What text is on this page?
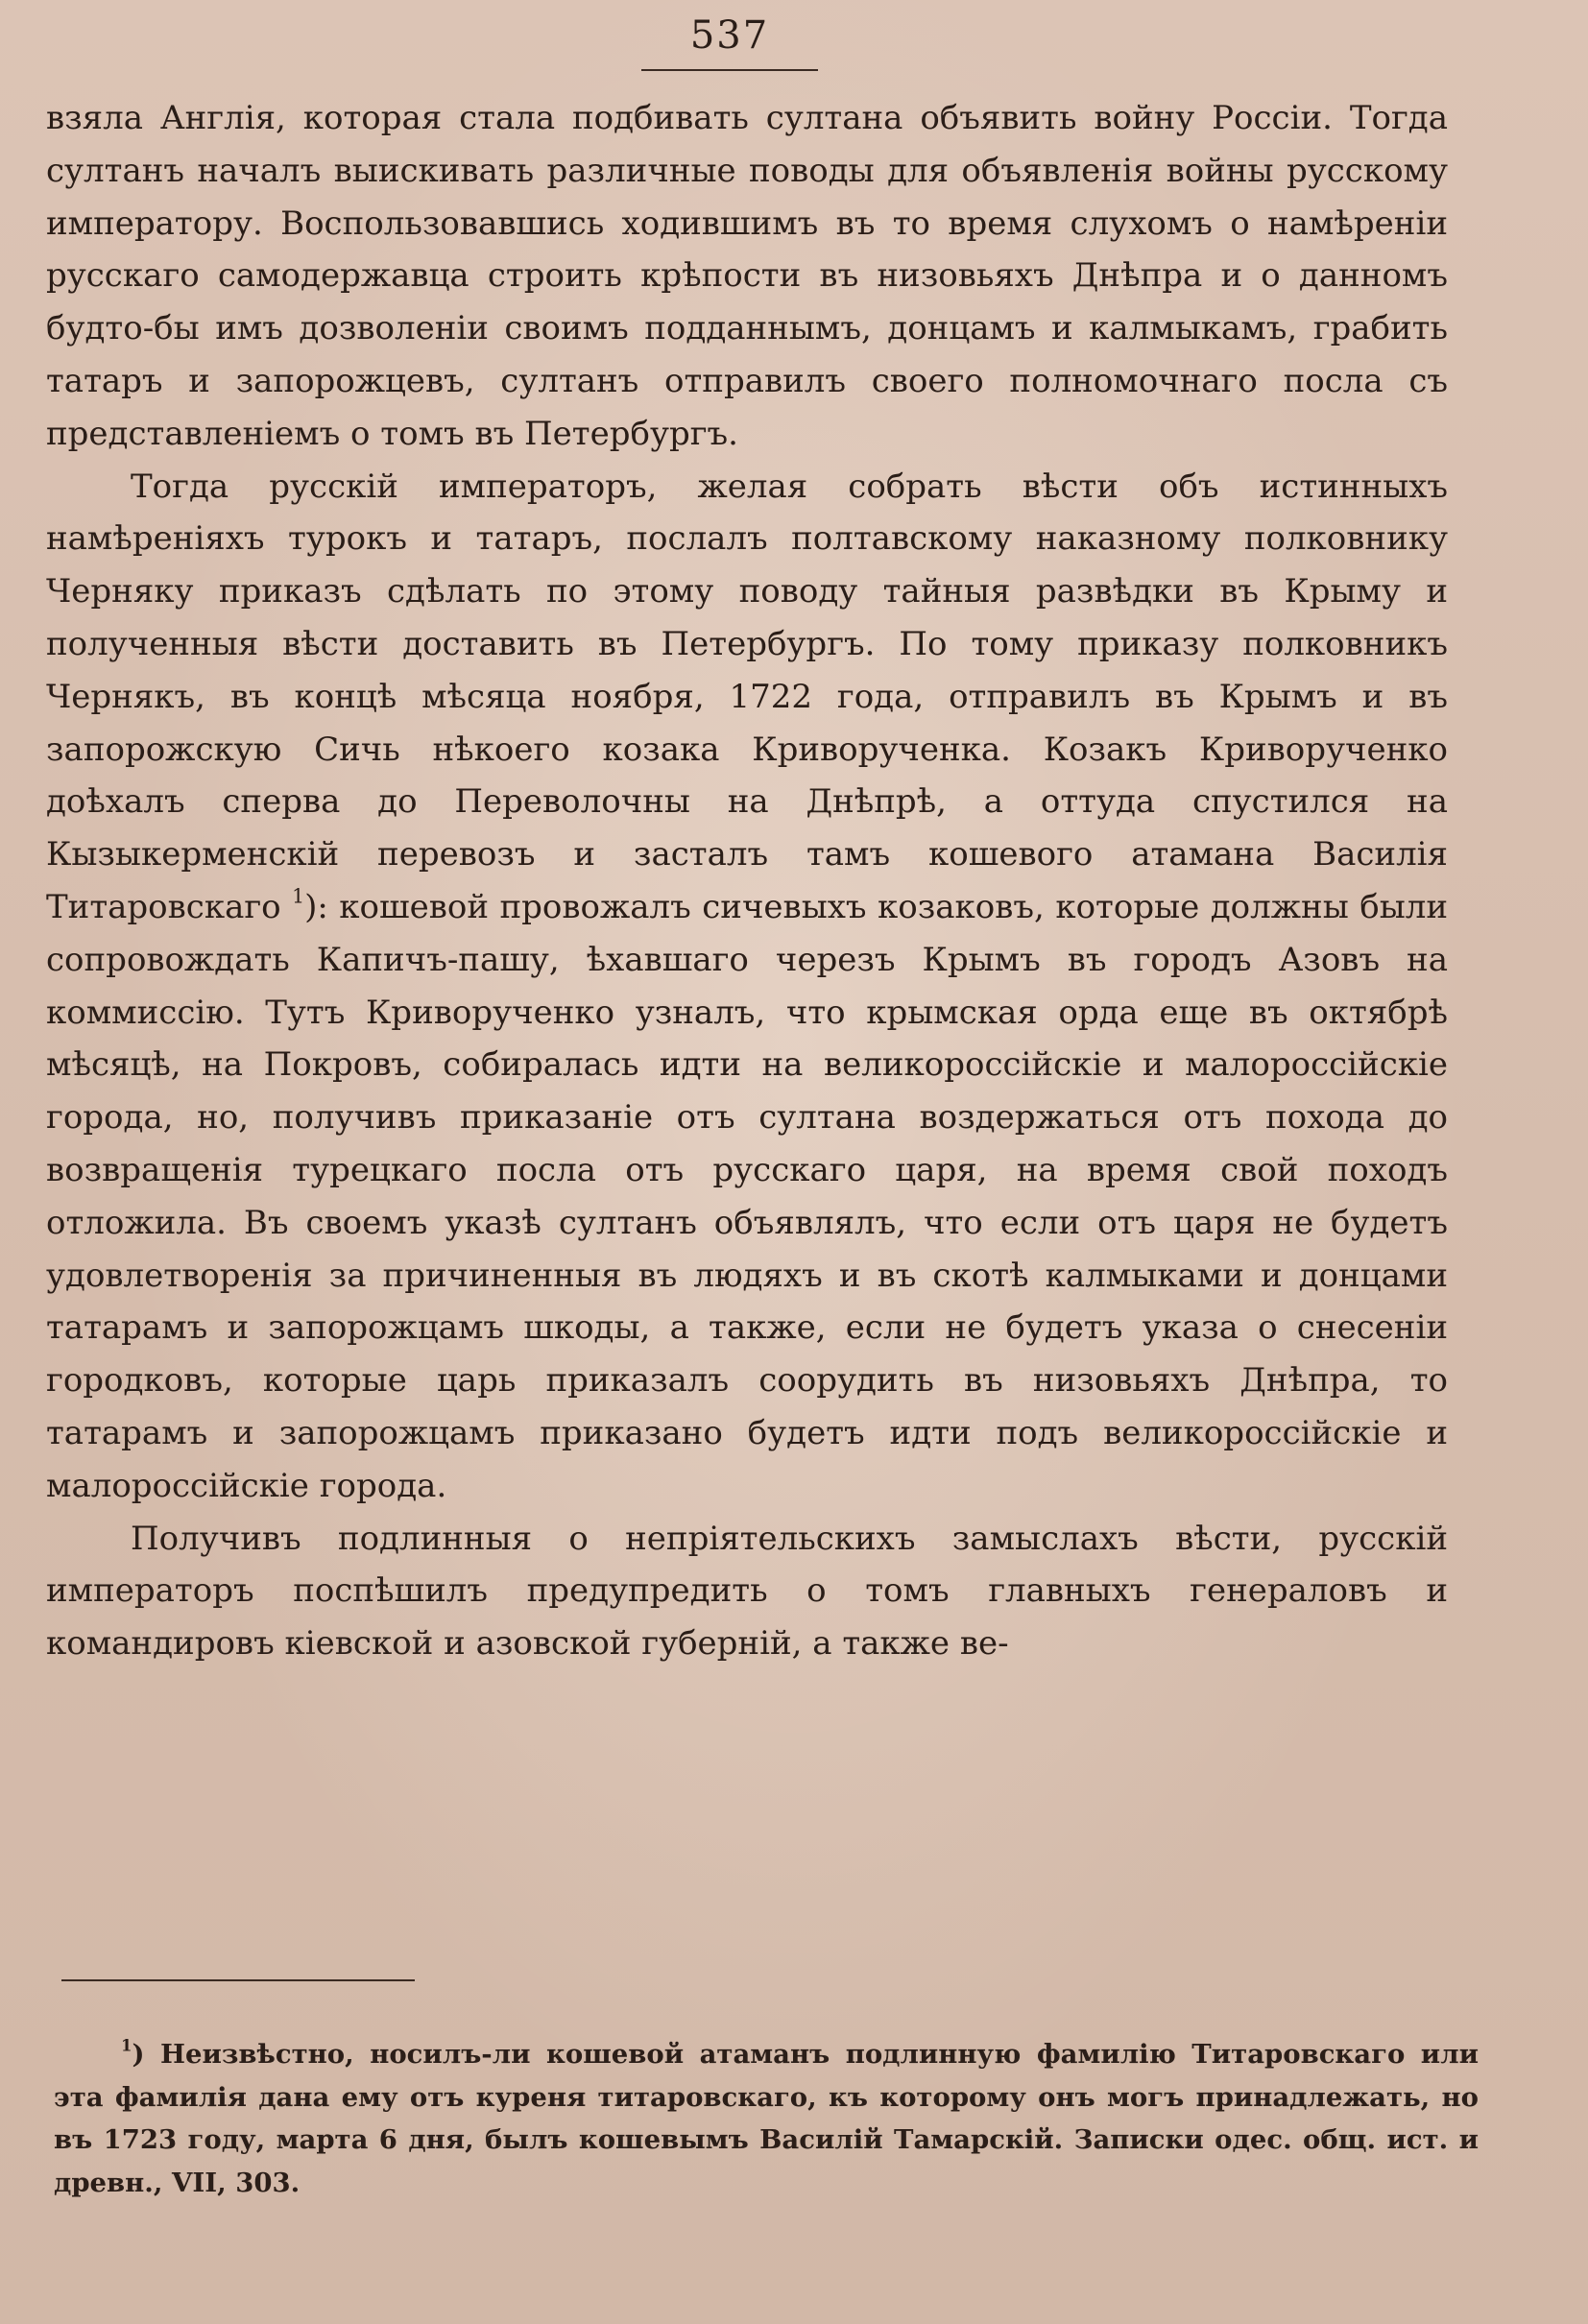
537

взяла Англія, которая стала подбивать султана объявить войну Россіи. Тогда султанъ началъ выискивать различные поводы для объявленія войны русскому императору. Воспользовавшись ходившимъ въ то время слухомъ о намѣреніи русскаго самодержавца строить крѣпости въ низовьяхъ Днѣпра и о данномъ будто-бы имъ дозволеніи своимъ подданнымъ, донцамъ и калмыкамъ, грабить татаръ и запорожцевъ, султанъ отправилъ своего полномочнаго посла съ представленіемъ о томъ въ Петербургъ.

Тогда русскій императоръ, желая собрать вѣсти объ истинныхъ намѣреніяхъ турокъ и татаръ, послалъ полтавскому наказному полковнику Черняку приказъ сдѣлать по этому поводу тайныя развѣдки въ Крыму и полученныя вѣсти доставить въ Петербургъ. По тому приказу полковникъ Чернякъ, въ концѣ мѣсяца ноября, 1722 года, отправилъ въ Крымъ и въ запорожскую Сичь нѣкоего козака Криворученка. Козакъ Криворученко доѣхалъ сперва до Переволочны на Днѣпрѣ, а оттуда спустился на Кызыкерменскій перевозъ и засталъ тамъ кошевого атамана Василія Титаровскаго $^1$): кошевой провожалъ сичевыхъ козаковъ, которые должны были сопровождать Капичъ-пашу, ѣхавшаго черезъ Крымъ въ городъ Азовъ на коммиссію. Тутъ Криворученко узналъ, что крымская орда еще въ октябрѣ мѣсяцѣ, на Покровъ, собиралась идти на великороссійскіе и малороссійскіе города, но, получивъ приказаніе отъ султана воздержаться отъ похода до возвращенія турецкаго посла отъ русскаго царя, на время свой походъ отложила. Въ своемъ указѣ султанъ объявлялъ, что если отъ царя не будетъ удовлетворенія за причиненныя въ людяхъ и въ скотѣ калмыками и донцами татарамъ и запорожцамъ шкоды, а также, если не будетъ указа о снесеніи городковъ, которые царь приказалъ соорудить въ низовьяхъ Днѣпра, то татарамъ и запорожцамъ приказано будетъ идти подъ великороссійскіе и малороссійскіе города.

Получивъ подлинныя о непріятельскихъ замыслахъ вѣсти, русскій императоръ поспѣшилъ предупредить о томъ главныхъ генераловъ и командировъ кіевской и азовской губерній, а также ве-

$^1$) Неизвѣстно, носилъ-ли кошевой атаманъ подлинную фамилію Титаровскаго или эта фамилія дана ему отъ куреня титаровскаго, къ которому онъ могъ принадлежать, но въ 1723 году, марта 6 дня, былъ кошевымъ Василій Тамарскій. Записки одес. общ. ист. и древн., VII, 303.
